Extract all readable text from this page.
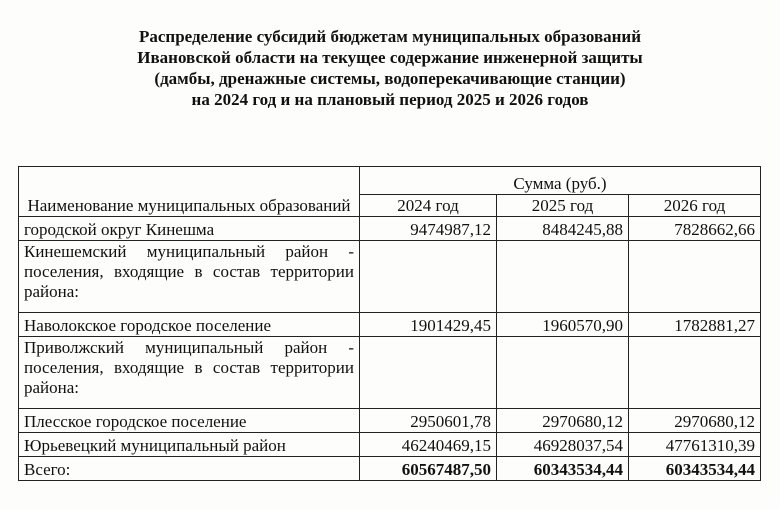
Распределение субсидий бюджетам муниципальных образований
Ивановской области на текущее содержание инженерной защиты
(дамбы, дренажные системы, водоперекачивающие станции)
на 2024 год и на плановый период 2025 и 2026 годов
Наименование муниципальных образований	Сумма (руб.)		
	2024 год	2025 год	2026 год
городской округ Кинешма	9474987,12	8484245,88	7828662,66
Кинешемский муниципальный район - поселения, входящие в состав территории района:			
Наволокское городское поселение	1901429,45	1960570,90	1782881,27
Приволжский муниципальный район - поселения, входящие в состав территории района:			
Плесское городское поселение	2950601,78	2970680,12	2970680,12
Юрьевецкий муниципальный район	46240469,15	46928037,54	47761310,39
Всего:	60567487,50	60343534,44	60343534,44
